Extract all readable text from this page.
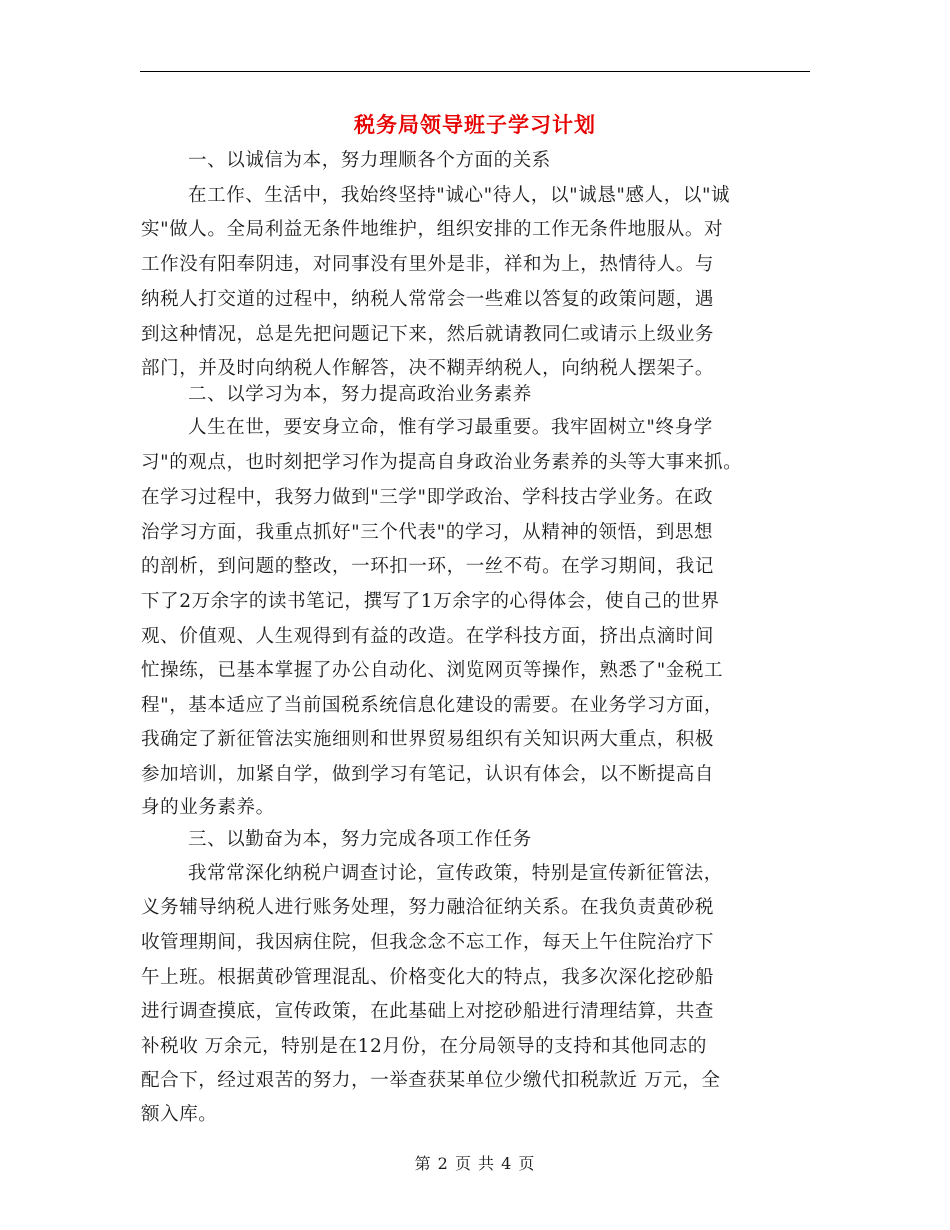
税务局领导班子学习计划
一、以诚信为本，努力理顺各个方面的关系
在工作、生活中，我始终坚持"诚心"待人，以"诚恳"感人，以"诚
实"做人。全局利益无条件地维护，组织安排的工作无条件地服从。对
工作没有阳奉阴违，对同事没有里外是非，祥和为上，热情待人。与
纳税人打交道的过程中，纳税人常常会一些难以答复的政策问题，遇
到这种情况，总是先把问题记下来，然后就请教同仁或请示上级业务
部门，并及时向纳税人作解答，决不糊弄纳税人，向纳税人摆架子。
二、以学习为本，努力提高政治业务素养
人生在世，要安身立命，惟有学习最重要。我牢固树立"终身学
习"的观点，也时刻把学习作为提高自身政治业务素养的头等大事来抓。
在学习过程中，我努力做到"三学"即学政治、学科技古学业务。在政
治学习方面，我重点抓好"三个代表"的学习，从精神的领悟，到思想
的剖析，到问题的整改，一环扣一环，一丝不苟。在学习期间，我记
下了2万余字的读书笔记，撰写了1万余字的心得体会，使自己的世界
观、价值观、人生观得到有益的改造。在学科技方面，挤出点滴时间
忙操练，已基本掌握了办公自动化、浏览网页等操作，熟悉了"金税工
程"，基本适应了当前国税系统信息化建设的需要。在业务学习方面，
我确定了新征管法实施细则和世界贸易组织有关知识两大重点，积极
参加培训，加紧自学，做到学习有笔记，认识有体会，以不断提高自
身的业务素养。
三、以勤奋为本，努力完成各项工作任务
我常常深化纳税户调查讨论，宣传政策，特别是宣传新征管法，
义务辅导纳税人进行账务处理，努力融洽征纳关系。在我负责黄砂税
收管理期间，我因病住院，但我念念不忘工作，每天上午住院治疗下
午上班。根据黄砂管理混乱、价格变化大的特点，我多次深化挖砂船
进行调查摸底，宣传政策，在此基础上对挖砂船进行清理结算，共查
补税收 万余元，特别是在12月份，在分局领导的支持和其他同志的
配合下，经过艰苦的努力，一举查获某单位少缴代扣税款近 万元，全
额入库。
第 2 页 共 4 页
